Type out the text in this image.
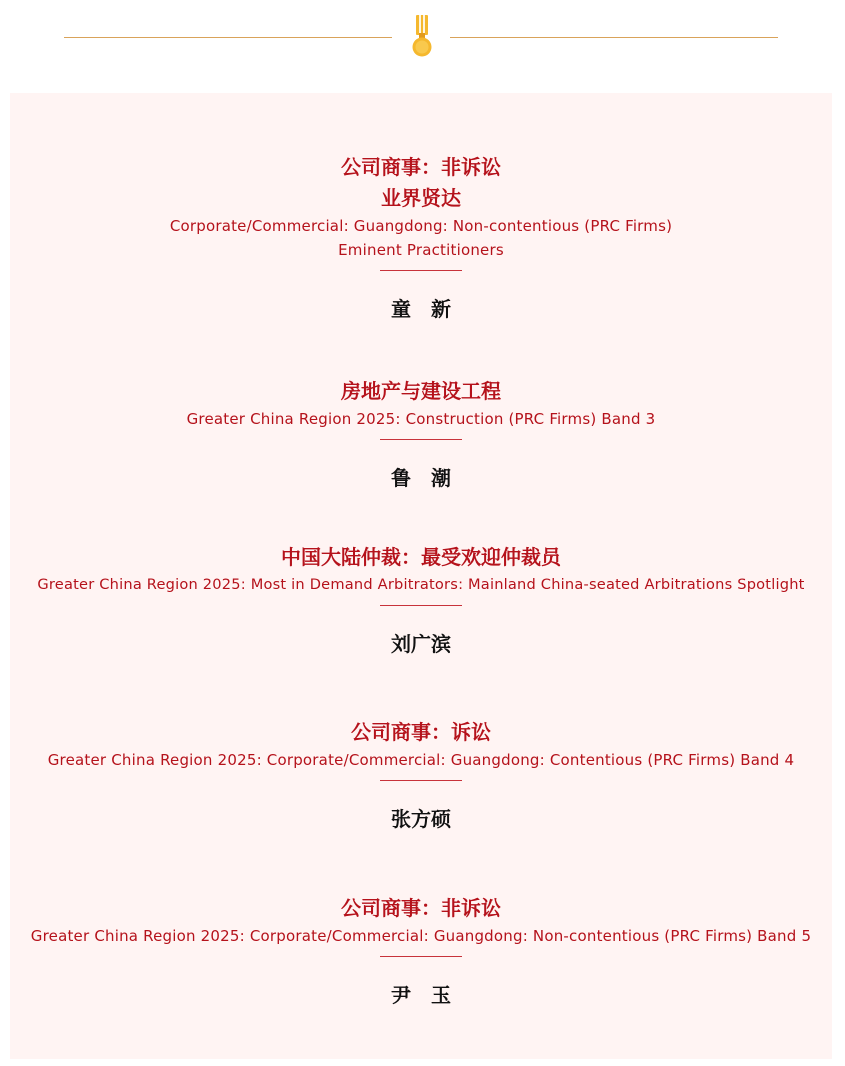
公司商事：非诉讼

业界贤达

Corporate/Commercial: Guangdong: Non-contentious (PRC Firms)

Eminent Practitioners

童　新

房地产与建设工程

Greater China Region 2025: Construction (PRC Firms) Band 3

鲁　潮

中国大陆仲裁：最受欢迎仲裁员

Greater China Region 2025: Most in Demand Arbitrators: Mainland China-seated Arbitrations Spotlight

刘广滨

公司商事：诉讼

Greater China Region 2025: Corporate/Commercial: Guangdong: Contentious (PRC Firms) Band 4

张方硕

公司商事：非诉讼

Greater China Region 2025: Corporate/Commercial: Guangdong: Non-contentious (PRC Firms) Band 5

尹　玉
